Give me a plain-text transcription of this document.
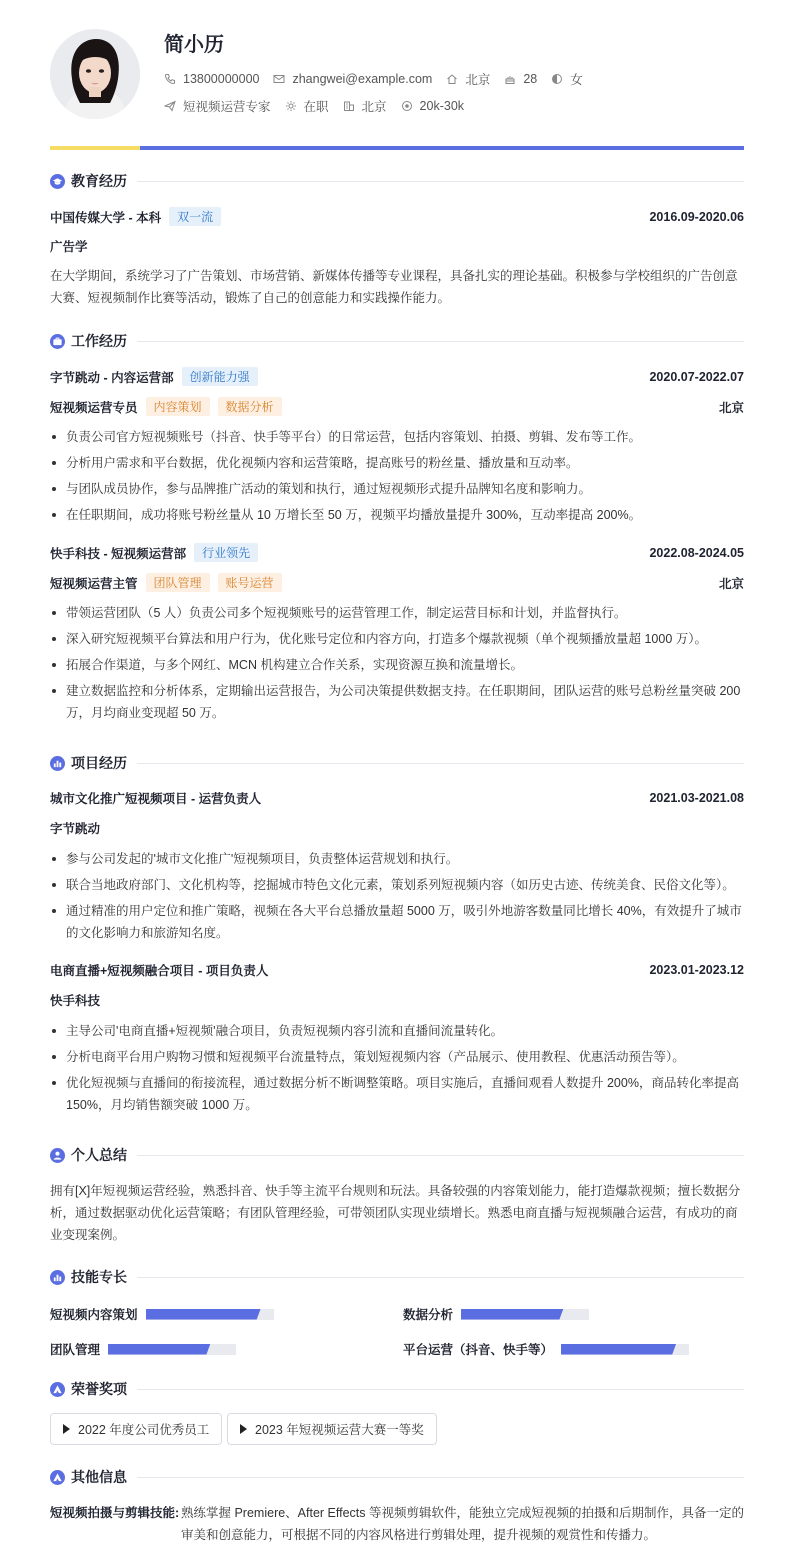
简小历
13800000000	zhangwei@example.com	北京	28	女
短视频运营专家	在职	北京	20k-30k
教育经历
中国传媒大学 - 本科	双一流	2016.09-2020.06
广告学
在大学期间，系统学习了广告策划、市场营销、新媒体传播等专业课程，具备扎实的理论基础。积极参与学校组织的广告创意大赛、短视频制作比赛等活动，锻炼了自己的创意能力和实践操作能力。
工作经历
字节跳动 - 内容运营部	创新能力强	2020.07-2022.07
短视频运营专员	内容策划	数据分析	北京
负责公司官方短视频账号（抖音、快手等平台）的日常运营，包括内容策划、拍摄、剪辑、发布等工作。
分析用户需求和平台数据，优化视频内容和运营策略，提高账号的粉丝量、播放量和互动率。
与团队成员协作，参与品牌推广活动的策划和执行，通过短视频形式提升品牌知名度和影响力。
在任职期间，成功将账号粉丝量从 10 万增长至 50 万，视频平均播放量提升 300%，互动率提高 200%。
快手科技 - 短视频运营部	行业领先	2022.08-2024.05
短视频运营主管	团队管理	账号运营	北京
带领运营团队（5 人）负责公司多个短视频账号的运营管理工作，制定运营目标和计划，并监督执行。
深入研究短视频平台算法和用户行为，优化账号定位和内容方向，打造多个爆款视频（单个视频播放量超 1000 万）。
拓展合作渠道，与多个网红、MCN 机构建立合作关系，实现资源互换和流量增长。
建立数据监控和分析体系，定期输出运营报告，为公司决策提供数据支持。在任职期间，团队运营的账号总粉丝量突破 200 万，月均商业变现超 50 万。
项目经历
城市文化推广短视频项目 - 运营负责人	2021.03-2021.08
字节跳动
参与公司发起的'城市文化推广'短视频项目，负责整体运营规划和执行。
联合当地政府部门、文化机构等，挖掘城市特色文化元素，策划系列短视频内容（如历史古迹、传统美食、民俗文化等）。
通过精准的用户定位和推广策略，视频在各大平台总播放量超 5000 万，吸引外地游客数量同比增长 40%，有效提升了城市的文化影响力和旅游知名度。
电商直播+短视频融合项目 - 项目负责人	2023.01-2023.12
快手科技
主导公司'电商直播+短视频'融合项目，负责短视频内容引流和直播间流量转化。
分析电商平台用户购物习惯和短视频平台流量特点，策划短视频内容（产品展示、使用教程、优惠活动预告等）。
优化短视频与直播间的衔接流程，通过数据分析不断调整策略。项目实施后，直播间观看人数提升 200%，商品转化率提高 150%，月均销售额突破 1000 万。
个人总结
拥有[X]年短视频运营经验，熟悉抖音、快手等主流平台规则和玩法。具备较强的内容策划能力，能打造爆款视频；擅长数据分析，通过数据驱动优化运营策略；有团队管理经验，可带领团队实现业绩增长。熟悉电商直播与短视频融合运营，有成功的商业变现案例。
技能专长
短视频内容策划	数据分析
团队管理	平台运营（抖音、快手等）
荣誉奖项
2022 年度公司优秀员工	2023 年短视频运营大赛一等奖
其他信息
短视频拍摄与剪辑技能: 熟练掌握 Premiere、After Effects 等视频剪辑软件，能独立完成短视频的拍摄和后期制作，具备一定的审美和创意能力，可根据不同的内容风格进行剪辑处理，提升视频的观赏性和传播力。
